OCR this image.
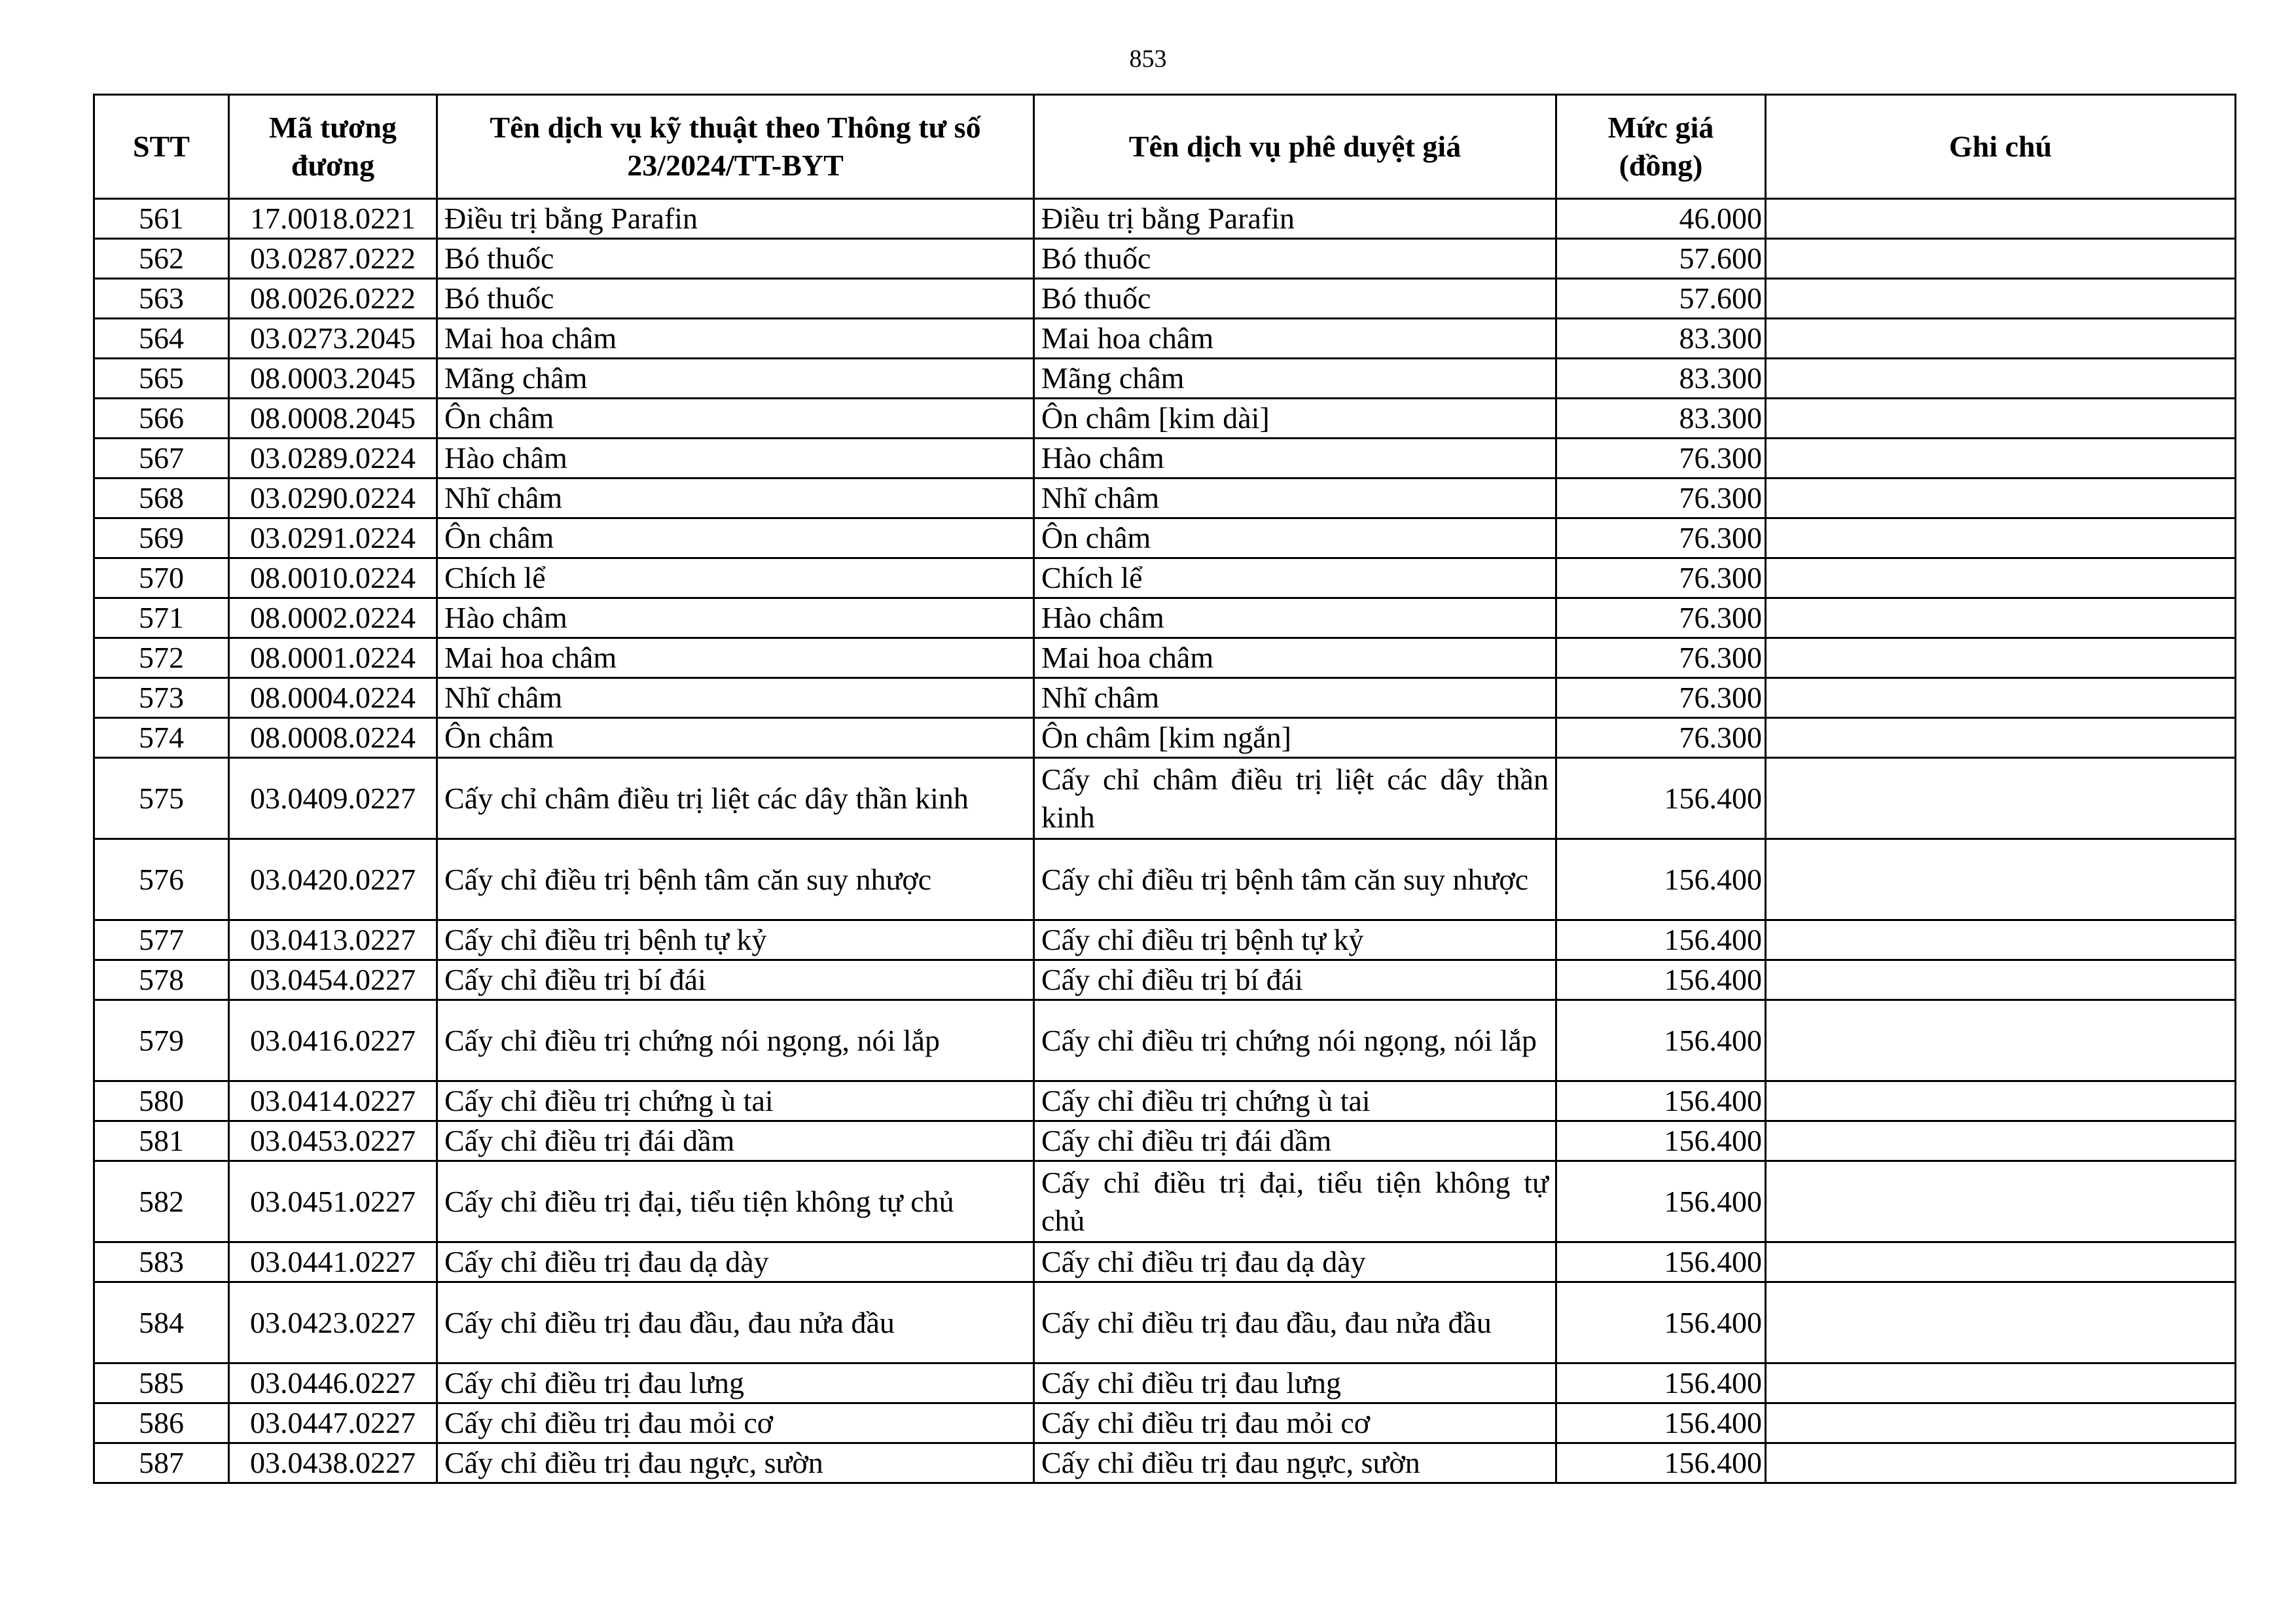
853
STT	Mã tương đương	Tên dịch vụ kỹ thuật theo Thông tư số 23/2024/TT-BYT	Tên dịch vụ phê duyệt giá	Mức giá (đồng)	Ghi chú
561	17.0018.0221	Điều trị bằng Parafin	Điều trị bằng Parafin	46.000	
562	03.0287.0222	Bó thuốc	Bó thuốc	57.600	
563	08.0026.0222	Bó thuốc	Bó thuốc	57.600	
564	03.0273.2045	Mai hoa châm	Mai hoa châm	83.300	
565	08.0003.2045	Mãng châm	Mãng châm	83.300	
566	08.0008.2045	Ôn châm	Ôn châm [kim dài]	83.300	
567	03.0289.0224	Hào châm	Hào châm	76.300	
568	03.0290.0224	Nhĩ châm	Nhĩ châm	76.300	
569	03.0291.0224	Ôn châm	Ôn châm	76.300	
570	08.0010.0224	Chích lể	Chích lể	76.300	
571	08.0002.0224	Hào châm	Hào châm	76.300	
572	08.0001.0224	Mai hoa châm	Mai hoa châm	76.300	
573	08.0004.0224	Nhĩ châm	Nhĩ châm	76.300	
574	08.0008.0224	Ôn châm	Ôn châm [kim ngắn]	76.300	
575	03.0409.0227	Cấy chỉ châm điều trị liệt các dây thần kinh	Cấy chỉ châm điều trị liệt các dây thần kinh	156.400	
576	03.0420.0227	Cấy chỉ điều trị bệnh tâm căn suy nhược	Cấy chỉ điều trị bệnh tâm căn suy nhược	156.400	
577	03.0413.0227	Cấy chỉ điều trị bệnh tự kỷ	Cấy chỉ điều trị bệnh tự kỷ	156.400	
578	03.0454.0227	Cấy chỉ điều trị bí đái	Cấy chỉ điều trị bí đái	156.400	
579	03.0416.0227	Cấy chỉ điều trị chứng nói ngọng, nói lắp	Cấy chỉ điều trị chứng nói ngọng, nói lắp	156.400	
580	03.0414.0227	Cấy chỉ điều trị chứng ù tai	Cấy chỉ điều trị chứng ù tai	156.400	
581	03.0453.0227	Cấy chỉ điều trị đái dầm	Cấy chỉ điều trị đái dầm	156.400	
582	03.0451.0227	Cấy chỉ điều trị đại, tiểu tiện không tự chủ	Cấy chỉ điều trị đại, tiểu tiện không tự chủ	156.400	
583	03.0441.0227	Cấy chỉ điều trị đau dạ dày	Cấy chỉ điều trị đau dạ dày	156.400	
584	03.0423.0227	Cấy chỉ điều trị đau đầu, đau nửa đầu	Cấy chỉ điều trị đau đầu, đau nửa đầu	156.400	
585	03.0446.0227	Cấy chỉ điều trị đau lưng	Cấy chỉ điều trị đau lưng	156.400	
586	03.0447.0227	Cấy chỉ điều trị đau mỏi cơ	Cấy chỉ điều trị đau mỏi cơ	156.400	
587	03.0438.0227	Cấy chỉ điều trị đau ngực, sườn	Cấy chỉ điều trị đau ngực, sườn	156.400	
